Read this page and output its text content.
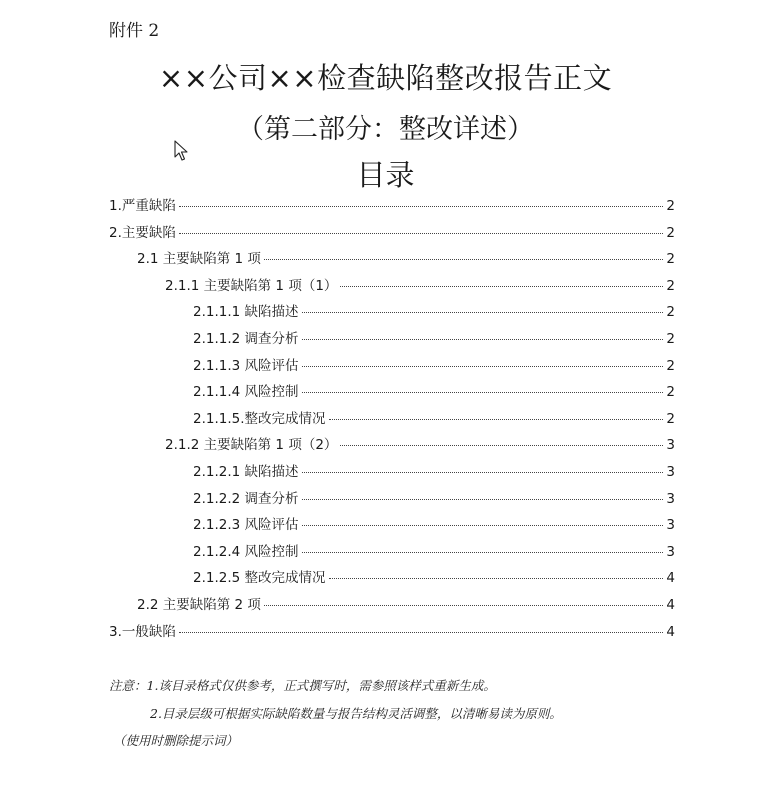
附件 2
××公司××检查缺陷整改报告正文
（第二部分：整改详述）
目录
1.严重缺陷	2
2.主要缺陷	2
2.1 主要缺陷第 1 项	2
2.1.1 主要缺陷第 1 项（1）	2
2.1.1.1 缺陷描述	2
2.1.1.2 调查分析	2
2.1.1.3 风险评估	2
2.1.1.4 风险控制	2
2.1.1.5.整改完成情况	2
2.1.2 主要缺陷第 1 项（2）	3
2.1.2.1 缺陷描述	3
2.1.2.2 调查分析	3
2.1.2.3 风险评估	3
2.1.2.4 风险控制	3
2.1.2.5 整改完成情况	4
2.2 主要缺陷第 2 项	4
3.一般缺陷	4
注意：1.该目录格式仅供参考，正式撰写时，需参照该样式重新生成。
2.目录层级可根据实际缺陷数量与报告结构灵活调整，以清晰易读为原则。
（使用时删除提示词）
